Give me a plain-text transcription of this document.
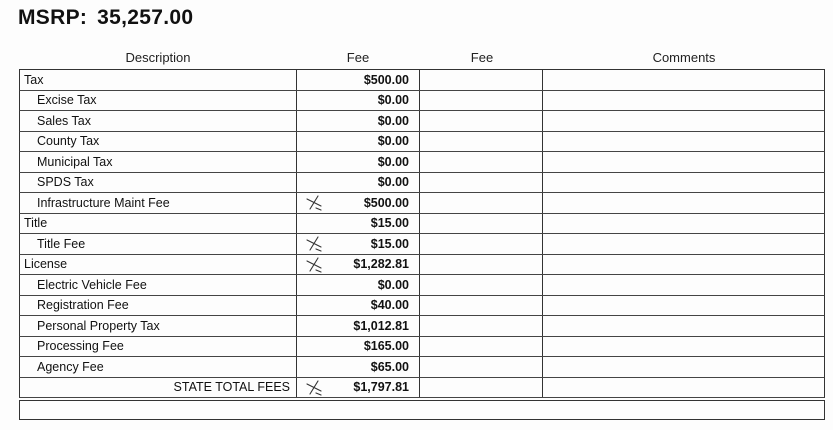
MSRP: 35,257.00
Description	Fee	Fee	Comments
Tax	$500.00
Excise Tax	$0.00
Sales Tax	$0.00
County Tax	$0.00
Municipal Tax	$0.00
SPDS Tax	$0.00
Infrastructure Maint Fee	$500.00
Title	$15.00
Title Fee	$15.00
License	$1,282.81
Electric Vehicle Fee	$0.00
Registration Fee	$40.00
Personal Property Tax	$1,012.81
Processing Fee	$165.00
Agency Fee	$65.00
STATE TOTAL FEES	$1,797.81
